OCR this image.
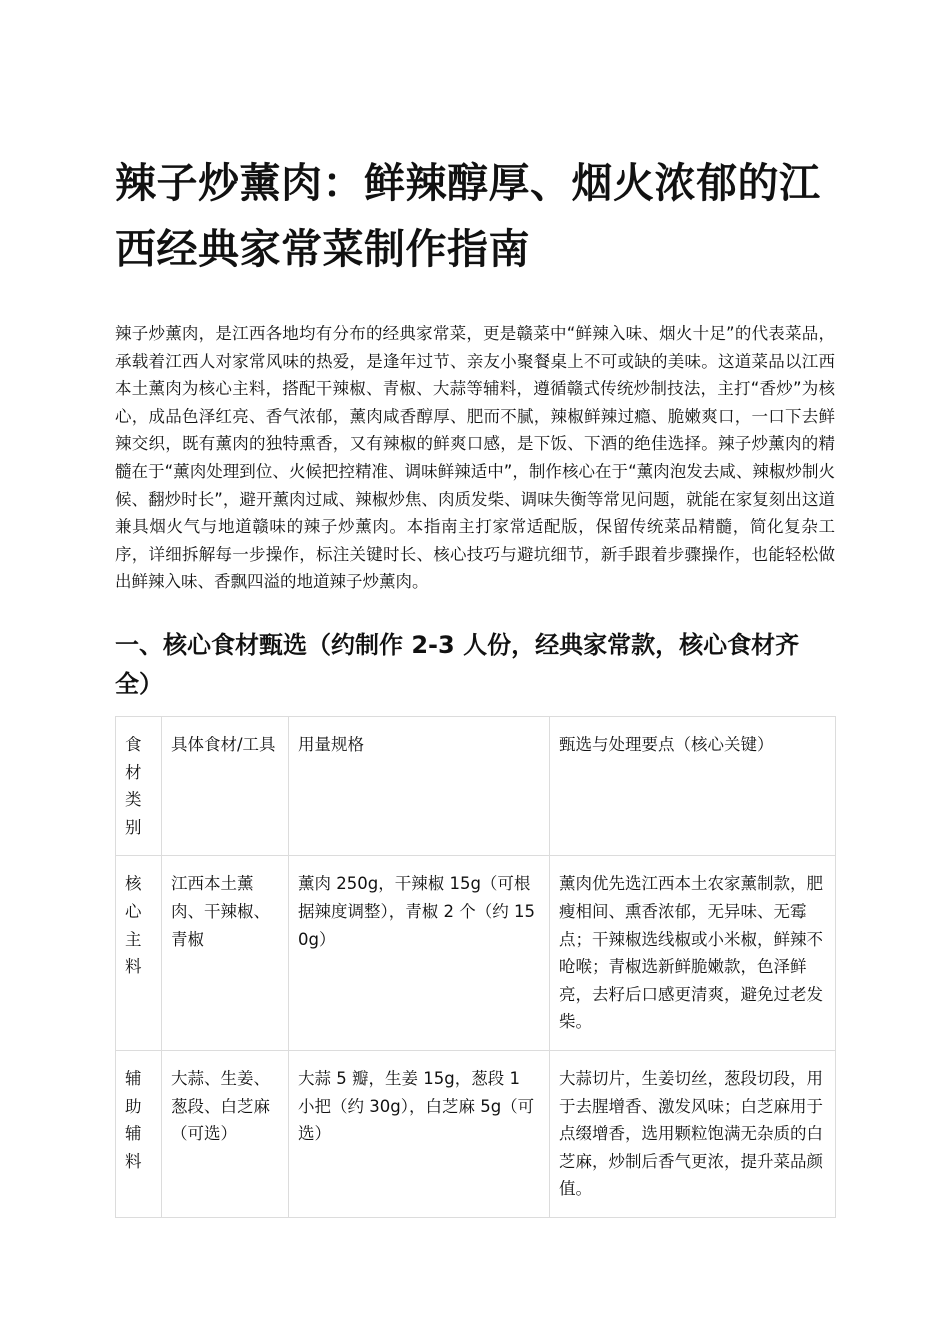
辣子炒薰肉：鲜辣醇厚、烟火浓郁的江西经典家常菜制作指南

辣子炒薰肉，是江西各地均有分布的经典家常菜，更是赣菜中“鲜辣入味、烟火十足”的代表菜品，承载着江西人对家常风味的热爱，是逢年过节、亲友小聚餐桌上不可或缺的美味。这道菜品以江西本土薰肉为核心主料，搭配干辣椒、青椒、大蒜等辅料，遵循赣式传统炒制技法，主打“香炒”为核心，成品色泽红亮、香气浓郁，薰肉咸香醇厚、肥而不腻，辣椒鲜辣过瘾、脆嫩爽口，一口下去鲜辣交织，既有薰肉的独特熏香，又有辣椒的鲜爽口感，是下饭、下酒的绝佳选择。辣子炒薰肉的精髓在于“薰肉处理到位、火候把控精准、调味鲜辣适中”，制作核心在于“薰肉泡发去咸、辣椒炒制火候、翻炒时长”，避开薰肉过咸、辣椒炒焦、肉质发柴、调味失衡等常见问题，就能在家复刻出这道兼具烟火气与地道赣味的辣子炒薰肉。本指南主打家常适配版，保留传统菜品精髓，简化复杂工序，详细拆解每一步操作，标注关键时长、核心技巧与避坑细节，新手跟着步骤操作，也能轻松做出鲜辣入味、香飘四溢的地道辣子炒薰肉。

一、核心食材甄选（约制作 2-3 人份，经典家常款，核心食材齐全）
食材类别	具体食材/工具	用量规格	甄选与处理要点（核心关键）
核心主料	江西本土薰肉、干辣椒、青椒	薰肉 250g，干辣椒 15g（可根据辣度调整），青椒 2 个（约 150g）	薰肉优先选江西本土农家薰制款，肥瘦相间、熏香浓郁，无异味、无霉点；干辣椒选线椒或小米椒，鲜辣不呛喉；青椒选新鲜脆嫩款，色泽鲜亮，去籽后口感更清爽，避免过老发柴。
辅助辅料	大蒜、生姜、葱段、白芝麻（可选）	大蒜 5 瓣，生姜 15g，葱段 1 小把（约 30g），白芝麻 5g（可选）	大蒜切片，生姜切丝，葱段切段，用于去腥增香、激发风味；白芝麻用于点缀增香，选用颗粒饱满无杂质的白芝麻，炒制后香气更浓，提升菜品颜值。
